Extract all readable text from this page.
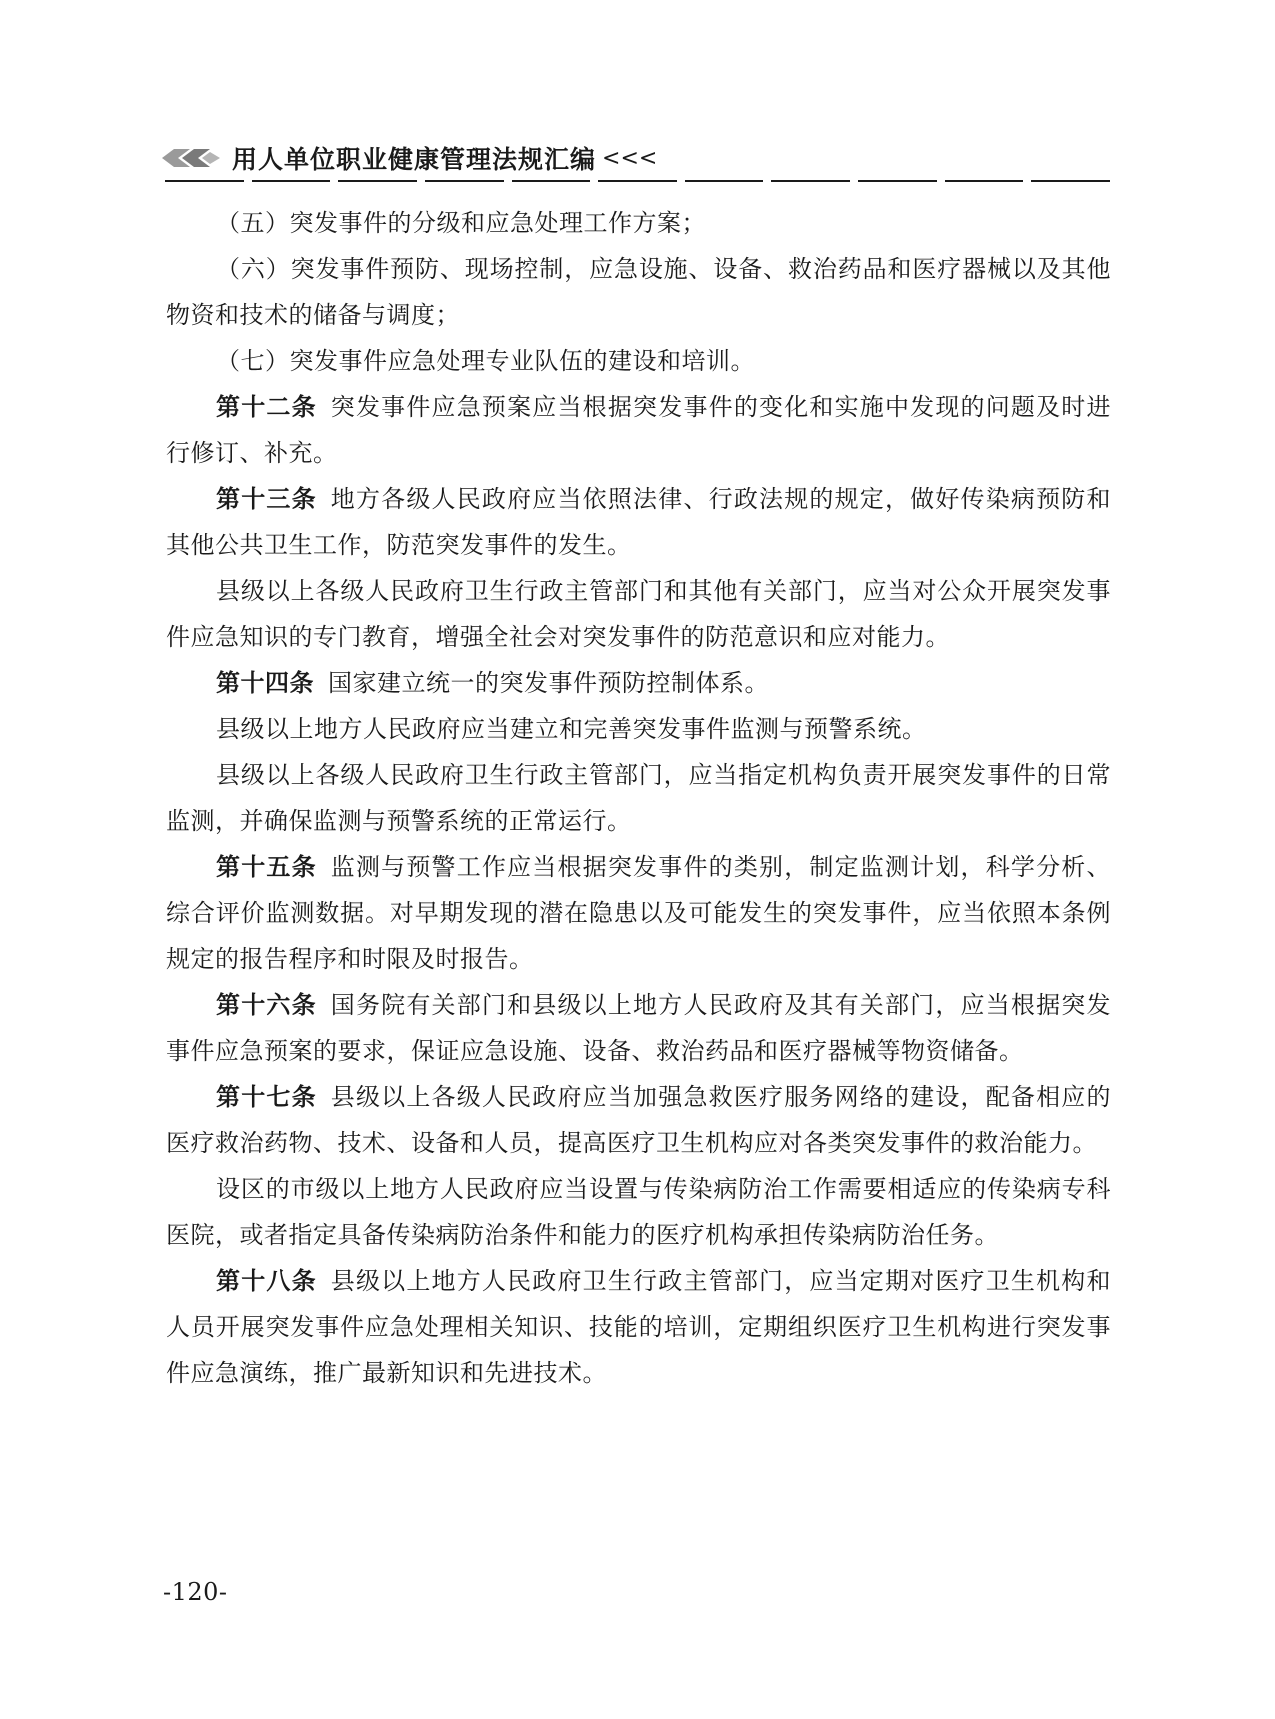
用人单位职业健康管理法规汇编 <<<

（五）突发事件的分级和应急处理工作方案；

（六）突发事件预防、现场控制，应急设施、设备、救治药品和医疗器械以及其他物资和技术的储备与调度；

（七）突发事件应急处理专业队伍的建设和培训。

第十二条 突发事件应急预案应当根据突发事件的变化和实施中发现的问题及时进行修订、补充。

第十三条 地方各级人民政府应当依照法律、行政法规的规定，做好传染病预防和其他公共卫生工作，防范突发事件的发生。

县级以上各级人民政府卫生行政主管部门和其他有关部门，应当对公众开展突发事件应急知识的专门教育，增强全社会对突发事件的防范意识和应对能力。

第十四条 国家建立统一的突发事件预防控制体系。

县级以上地方人民政府应当建立和完善突发事件监测与预警系统。

县级以上各级人民政府卫生行政主管部门，应当指定机构负责开展突发事件的日常监测，并确保监测与预警系统的正常运行。

第十五条 监测与预警工作应当根据突发事件的类别，制定监测计划，科学分析、综合评价监测数据。对早期发现的潜在隐患以及可能发生的突发事件，应当依照本条例规定的报告程序和时限及时报告。

第十六条 国务院有关部门和县级以上地方人民政府及其有关部门，应当根据突发事件应急预案的要求，保证应急设施、设备、救治药品和医疗器械等物资储备。

第十七条 县级以上各级人民政府应当加强急救医疗服务网络的建设，配备相应的医疗救治药物、技术、设备和人员，提高医疗卫生机构应对各类突发事件的救治能力。

设区的市级以上地方人民政府应当设置与传染病防治工作需要相适应的传染病专科医院，或者指定具备传染病防治条件和能力的医疗机构承担传染病防治任务。

第十八条 县级以上地方人民政府卫生行政主管部门，应当定期对医疗卫生机构和人员开展突发事件应急处理相关知识、技能的培训，定期组织医疗卫生机构进行突发事件应急演练，推广最新知识和先进技术。

-120-
